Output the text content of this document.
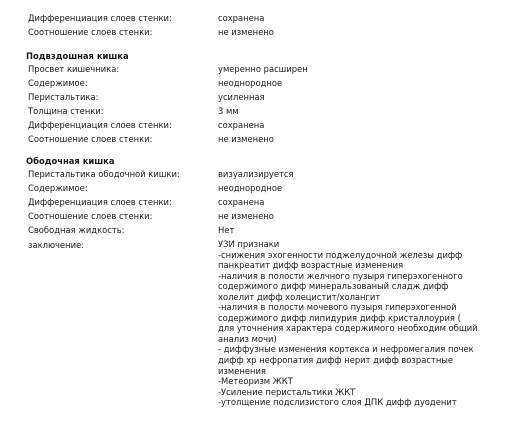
Дифференциация слоев стенки:	сохранена
Соотношение слоев стенки:	не изменено
Подвздошная кишка
Просвет кишечника:	умеренно расширен
Содержимое:	неоднородное
Перистальтика:	усиленная
Толщина стенки:	3 мм
Дифференциация слоев стенки:	сохранена
Соотношение слоев стенки:	не изменено
Ободочная кишка
Перистальтика ободочной кишки:	визуализируется
Содержимое:	неоднородное
Дифференциация слоев стенки:	сохранена
Соотношение слоев стенки:	не изменено
Свободная жидкость:	Нет
заключение:	УЗИ признаки
-снижения эхогенности поджелудочной железы дифф
панкреатит дифф возрастные изменения
-наличия в полости желчного пузыря гиперэхогенного
содержимого дифф минеральзованый сладж дифф
холелит дифф холецистит/холангит
-наличия в полости мочевого пузыря гиперэхогенной
содержимого дифф липидурия дифф кристаллоурия (
для уточнения характера содержимого необходим общий
анализ мочи)
- диффузные изменения кортекса и нефромегалия почек
дифф хр нефропатия дифф нерит дифф возрастные
изменения
-Метеоризм ЖКТ
-Усиление перистальтики ЖКТ
-утолщение подслизистого слоя ДПК дифф дуоденит
